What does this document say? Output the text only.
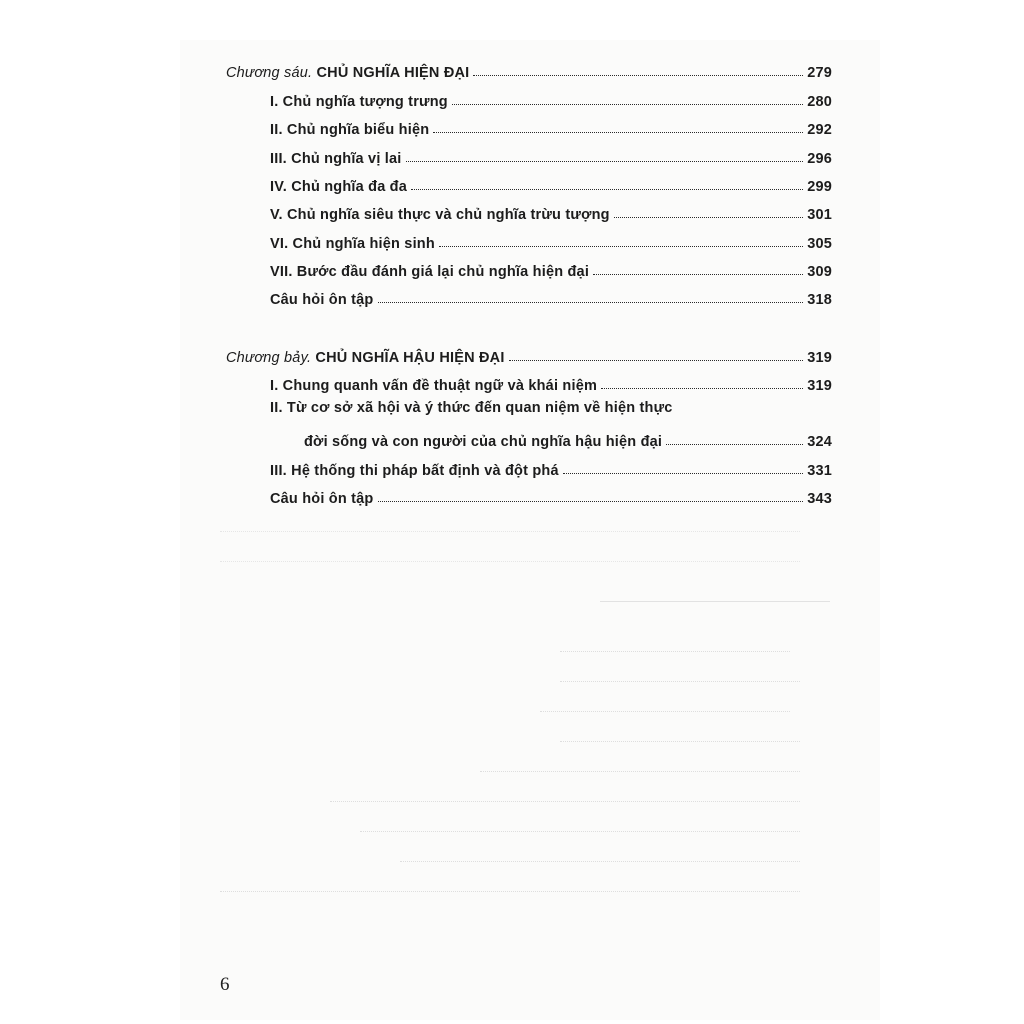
Chương sáu. CHỦ NGHĨA HIỆN ĐẠI	279
I. Chủ nghĩa tượng trưng	280
II. Chủ nghĩa biểu hiện	292
III. Chủ nghĩa vị lai	296
IV. Chủ nghĩa đa đa	299
V. Chủ nghĩa siêu thực và chủ nghĩa trừu tượng	301
VI. Chủ nghĩa hiện sinh	305
VII. Bước đầu đánh giá lại chủ nghĩa hiện đại	309
Câu hỏi ôn tập	318
Chương bảy. CHỦ NGHĨA HẬU HIỆN ĐẠI	319
I. Chung quanh vấn đề thuật ngữ và khái niệm	319
II. Từ cơ sở xã hội và ý thức đến quan niệm về hiện thực
đời sống và con người của chủ nghĩa hậu hiện đại	324
III. Hệ thống thi pháp bất định và đột phá	331
Câu hỏi ôn tập	343
6
